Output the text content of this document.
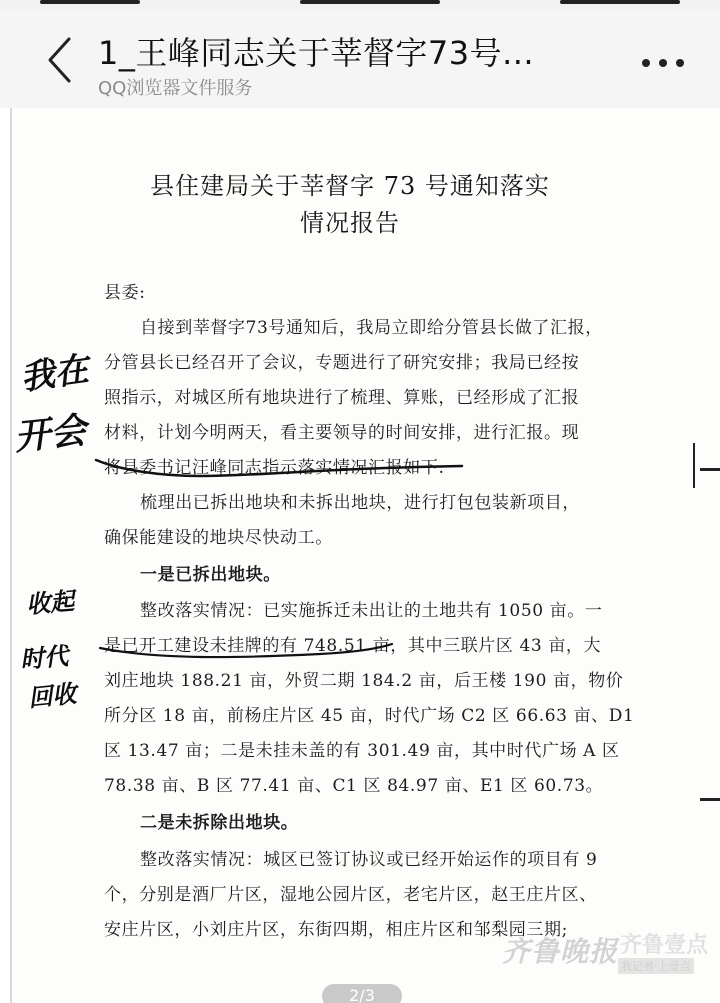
1_王峰同志关于莘督字73号...
QQ浏览器文件服务
县住建局关于莘督字 73 号通知落实
情况报告
县委:
自接到莘督字73号通知后，我局立即给分管县长做了汇报，
分管县长已经召开了会议，专题进行了研究安排；我局已经按
照指示，对城区所有地块进行了梳理、算账，已经形成了汇报
材料，计划今明两天，看主要领导的时间安排，进行汇报。现
将县委书记汪峰同志指示落实情况汇报如下:
梳理出已拆出地块和未拆出地块，进行打包包装新项目，
确保能建设的地块尽快动工。
一是已拆出地块。
整改落实情况：已实施拆迁未出让的土地共有 1050 亩。一
是已开工建设未挂牌的有 748.51 亩，其中三联片区 43 亩，大
刘庄地块 188.21 亩，外贸二期 184.2 亩，后王楼 190 亩，物价
所分区 18 亩，前杨庄片区 45 亩，时代广场 C2 区 66.63 亩、D1
区 13.47 亩；二是未挂未盖的有 301.49 亩，其中时代广场 A 区
78.38 亩、B 区 77.41 亩、C1 区 84.97 亩、E1 区 60.73。
二是未拆除出地块。
整改落实情况：城区已签订协议或已经开始运作的项目有 9
个，分别是酒厂片区，湿地公园片区，老宅片区，赵王庄片区、
安庄片区，小刘庄片区，东街四期，相庄片区和邹梨园三期;
我在
开会
收起
时代
回收
齐鲁晚报 齐鲁壹点
我记者·上壹点
2/3
